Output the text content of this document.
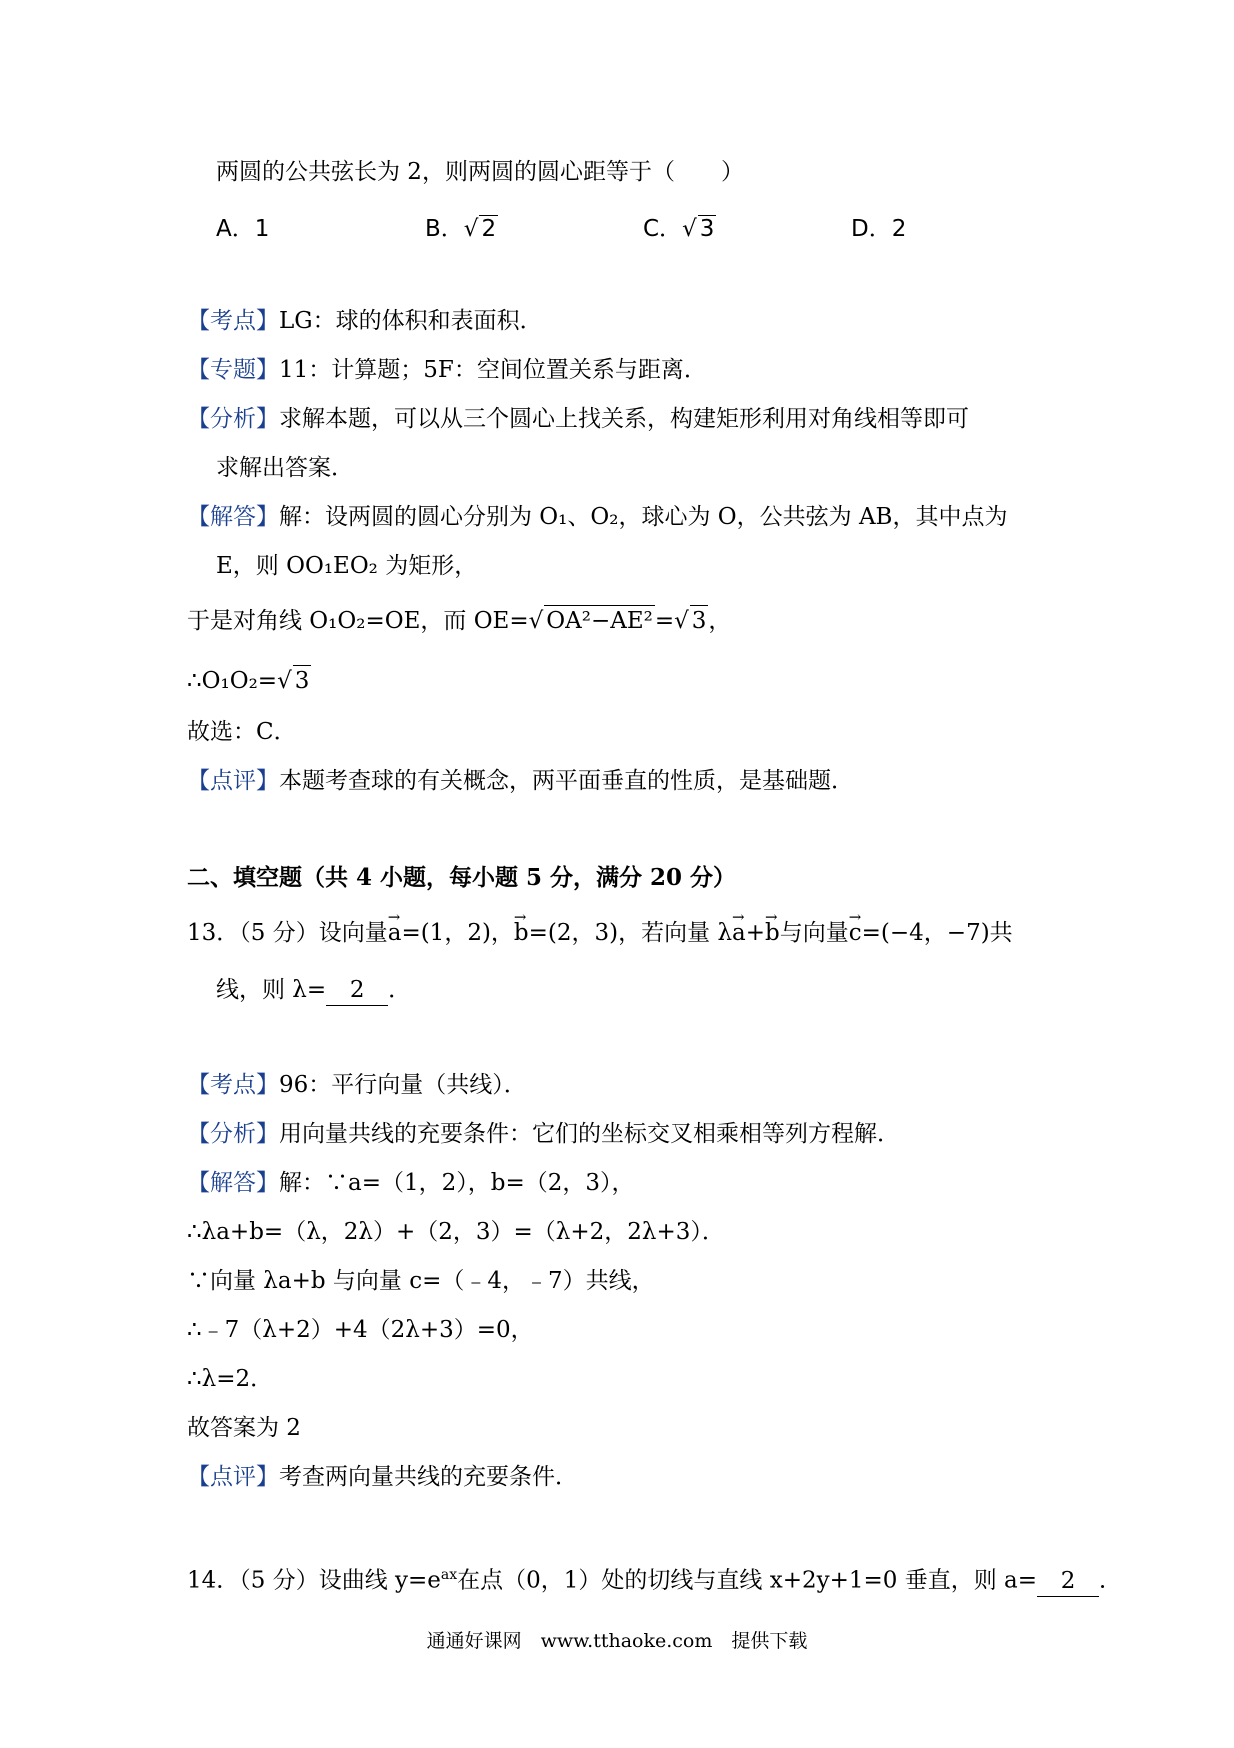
两圆的公共弦长为 2，则两圆的圆心距等于（　　）
A．1	B．√ 2	C．√ 3	D．2
【考点】LG：球的体积和表面积．
【专题】11：计算题；5F：空间位置关系与距离．
【分析】求解本题，可以从三个圆心上找关系，构建矩形利用对角线相等即可
求解出答案．
【解答】解：设两圆的圆心分别为 O₁、O₂，球心为 O，公共弦为 AB，其中点为
E，则 OO₁EO₂ 为矩形，
于是对角线 O₁O₂=OE，而 OE=√ OA²−AE²=√ 3，
∴O₁O₂=√ 3
故选：C．
【点评】本题考查球的有关概念，两平面垂直的性质，是基础题．
二、填空题（共 4 小题，每小题 5 分，满分 20 分）
13．（5 分）设向量→ a=(1，2)，→ b=(2，3)，若向量 λ→ a+→ b与向量→ c=(−4，−7)共
线，则 λ= 2 ．
【考点】96：平行向量（共线）．
【分析】用向量共线的充要条件：它们的坐标交叉相乘相等列方程解．
【解答】解：∵a=（1，2），b=（2，3），
∴λa+b=（λ，2λ）+（2，3）=（λ+2，2λ+3）．
∵向量 λa+b 与向量 c=（﹣4，﹣7）共线，
∴﹣7（λ+2）+4（2λ+3）=0，
∴λ=2．
故答案为 2
【点评】考查两向量共线的充要条件．
14．（5 分）设曲线 $y=e^{ax}$在点（0，1）处的切线与直线 x+2y+1=0 垂直，则 a= 2 ．
通通好课网　www.tthaoke.com　提供下载
